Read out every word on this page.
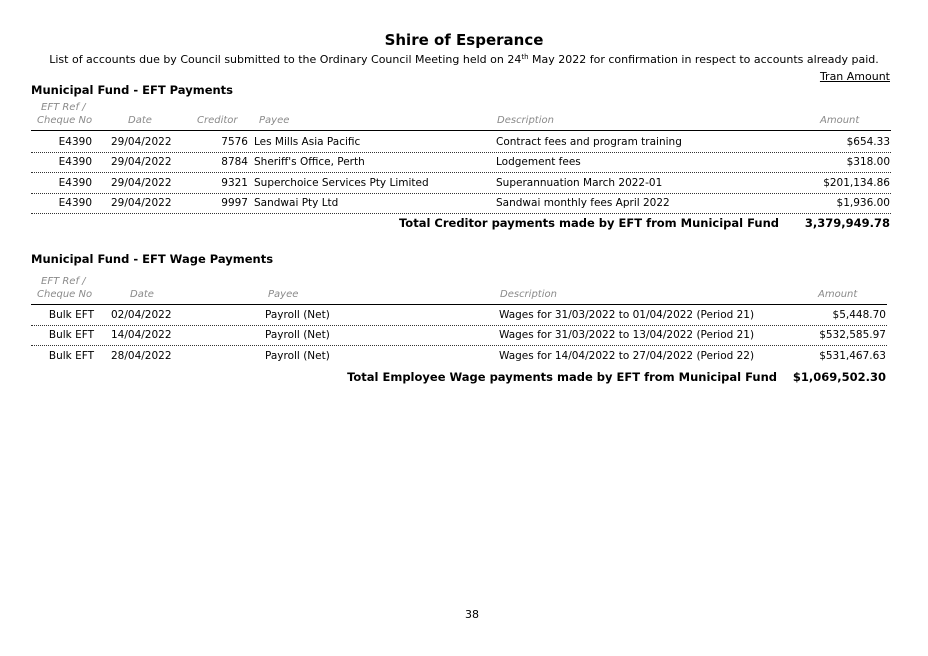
Shire of Esperance
List of accounts due by Council submitted to the Ordinary Council Meeting held on 24th May 2022 for confirmation in respect to accounts already paid.
Tran Amount
Municipal Fund - EFT Payments
EFT Ref /
Cheque No	Date	Creditor Payee	Description	Amount
E4390 29/04/2022	7576 Les Mills Asia Pacific	Contract fees and program training	$654.33
E4390 29/04/2022	8784 Sheriff's Office, Perth	Lodgement fees	$318.00
E4390 29/04/2022	9321 Superchoice Services Pty Limited	Superannuation March 2022-01	$201,134.86
E4390 29/04/2022	9997 Sandwai Pty Ltd	Sandwai monthly fees April 2022	$1,936.00
Total Creditor payments made by EFT from Municipal Fund 3,379,949.78
Municipal Fund - EFT Wage Payments
EFT Ref /
Cheque No	Date	Payee	Description	Amount
Bulk EFT 02/04/2022	Payroll (Net)	Wages for 31/03/2022 to 01/04/2022 (Period 21)	$5,448.70
Bulk EFT 14/04/2022	Payroll (Net)	Wages for 31/03/2022 to 13/04/2022 (Period 21)	$532,585.97
Bulk EFT 28/04/2022	Payroll (Net)	Wages for 14/04/2022 to 27/04/2022 (Period 22)	$531,467.63
Total Employee Wage payments made by EFT from Municipal Fund $1,069,502.30
38
